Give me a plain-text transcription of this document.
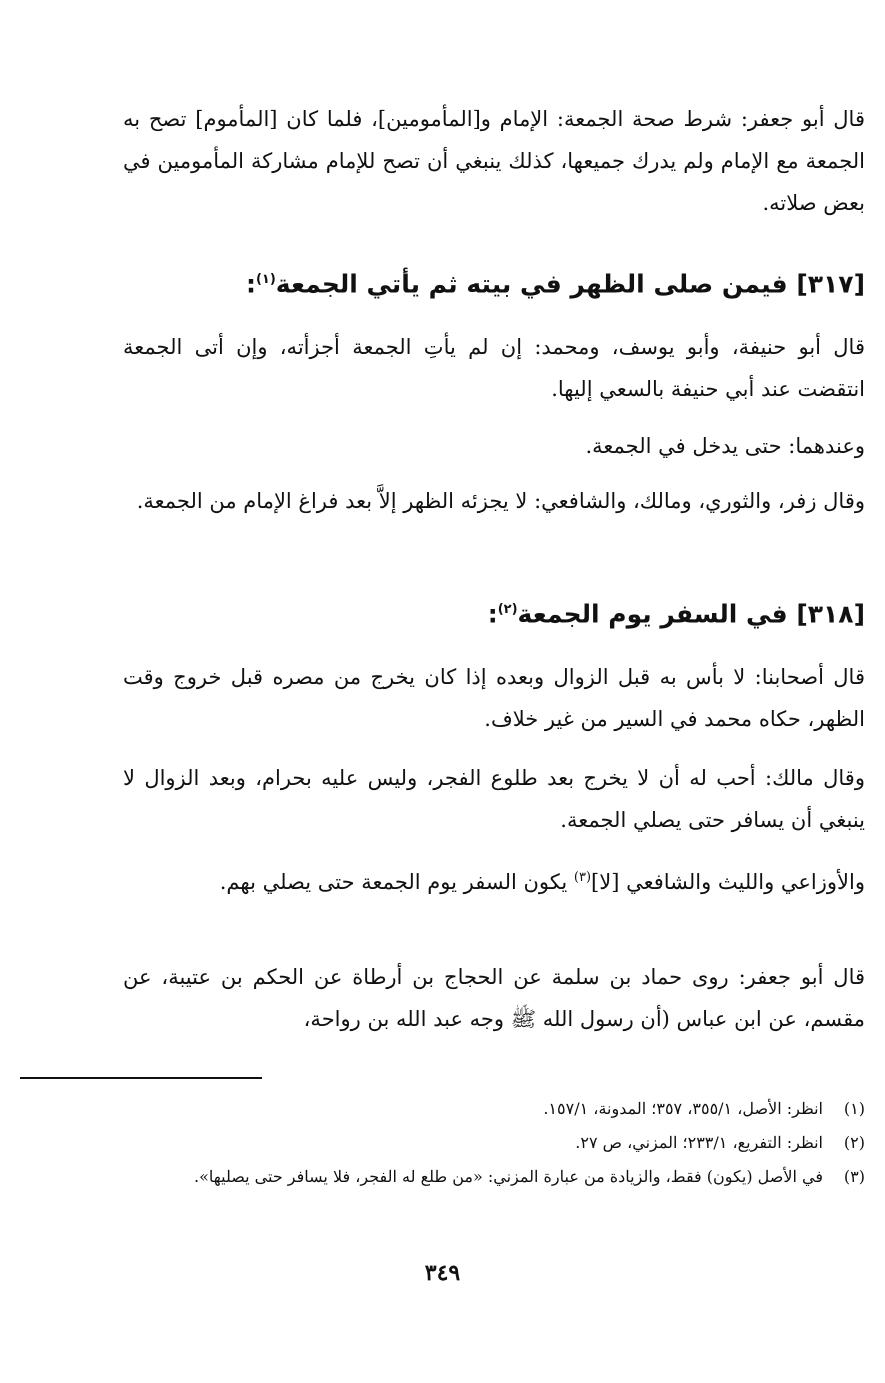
قال أبو جعفر: شرط صحة الجمعة: الإمام و[المأمومين]، فلما كان [المأموم] تصح به الجمعة مع الإمام ولم يدرك جميعها، كذلك ينبغي أن تصح للإمام مشاركة المأمومين في بعض صلاته.

[٣١٧] فيمن صلى الظهر في بيته ثم يأتي الجمعة$^{(١)}$:

قال أبو حنيفة، وأبو يوسف، ومحمد: إن لم يأتِ الجمعة أجزأته، وإن أتى الجمعة انتقضت عند أبي حنيفة بالسعي إليها.

وعندهما: حتى يدخل في الجمعة.

وقال زفر، والثوري، ومالك، والشافعي: لا يجزئه الظهر إلاَّ بعد فراغ الإمام من الجمعة.

[٣١٨] في السفر يوم الجمعة$^{(٢)}$:

قال أصحابنا: لا بأس به قبل الزوال وبعده إذا كان يخرج من مصره قبل خروج وقت الظهر، حكاه محمد في السير من غير خلاف.

وقال مالك: أحب له أن لا يخرج بعد طلوع الفجر، وليس عليه بحرام، وبعد الزوال لا ينبغي أن يسافر حتى يصلي الجمعة.

والأوزاعي والليث والشافعي [لا]$^{(٣)}$ يكون السفر يوم الجمعة حتى يصلي بهم.

قال أبو جعفر: روى حماد بن سلمة عن الحجاج بن أرطاة عن الحكم بن عتيبة، عن مقسم، عن ابن عباس (أن رسول الله ﷺ وجه عبد الله بن رواحة،

(١)
انظر: الأصل، ٣٥٥/١، ٣٥٧؛ المدونة، ١٥٧/١.
(٢)
انظر: التفريع، ٢٣٣/١؛ المزني، ص ٢٧.
(٣)
في الأصل (يكون) فقط، والزيادة من عبارة المزني: «من طلع له الفجر، فلا يسافر حتى يصليها».
٣٤٩
